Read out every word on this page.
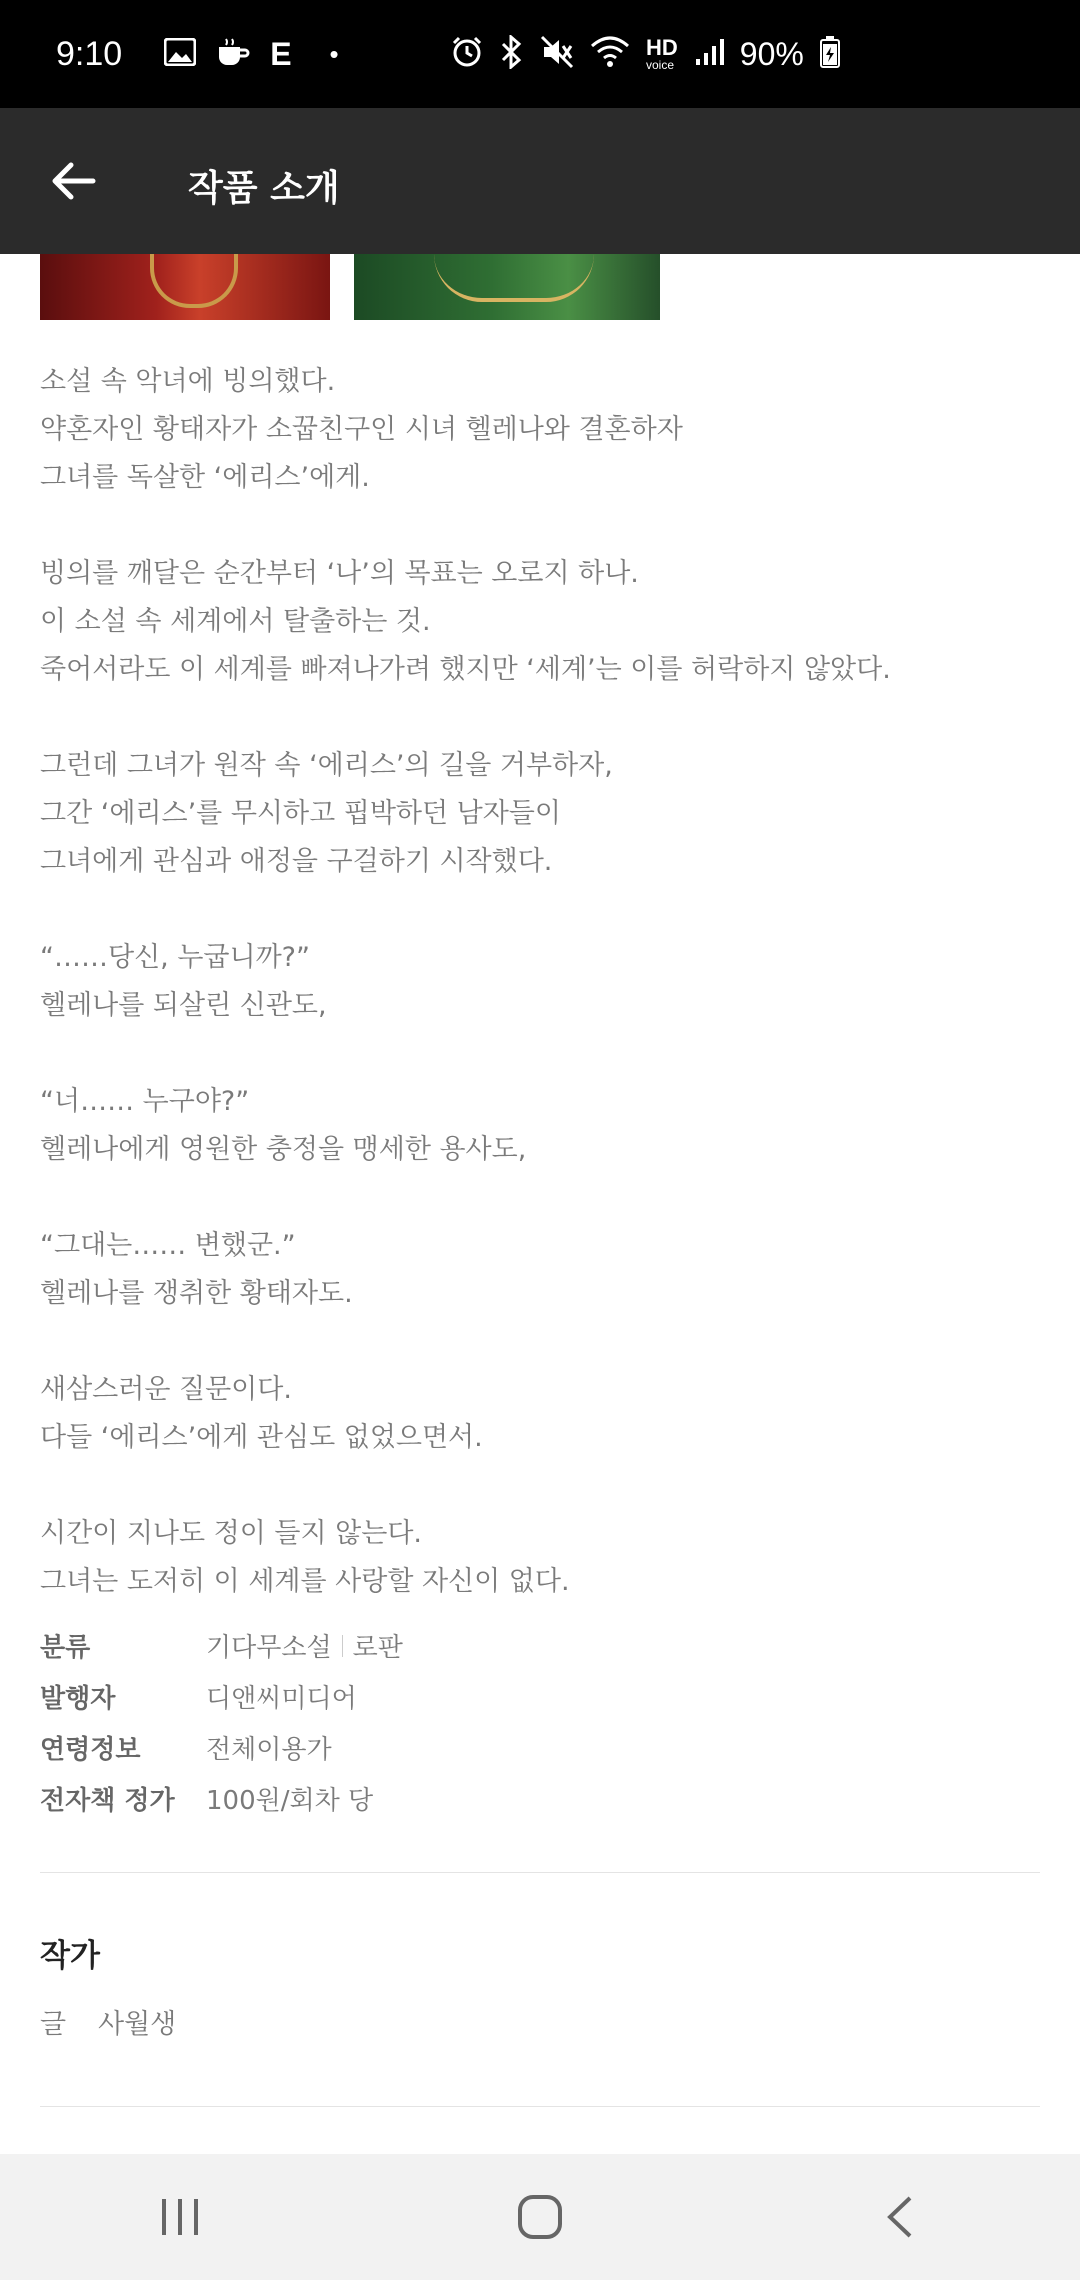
9:10	E •	HD
voice 90%
작품 소개
소설 속 악녀에 빙의했다.
약혼자인 황태자가 소꿉친구인 시녀 헬레나와 결혼하자
그녀를 독살한 ‘에리스’에게.
빙의를 깨달은 순간부터 ‘나’의 목표는 오로지 하나.
이 소설 속 세계에서 탈출하는 것.
죽어서라도 이 세계를 빠져나가려 했지만 ‘세계’는 이를 허락하지 않았다.
그런데 그녀가 원작 속 ‘에리스’의 길을 거부하자,
그간 ‘에리스’를 무시하고 핍박하던 남자들이
그녀에게 관심과 애정을 구걸하기 시작했다.
“……당신, 누굽니까?”
헬레나를 되살린 신관도,
“너…… 누구야?”
헬레나에게 영원한 충정을 맹세한 용사도,
“그대는…… 변했군.”
헬레나를 쟁취한 황태자도.
새삼스러운 질문이다.
다들 ‘에리스’에게 관심도 없었으면서.
시간이 지나도 정이 들지 않는다.
그녀는 도저히 이 세계를 사랑할 자신이 없다.
분류	기다무소설 로판
발행자	디앤씨미디어
연령정보	전체이용가
전자책 정가	100원/회차 당
작가
글	사월생
